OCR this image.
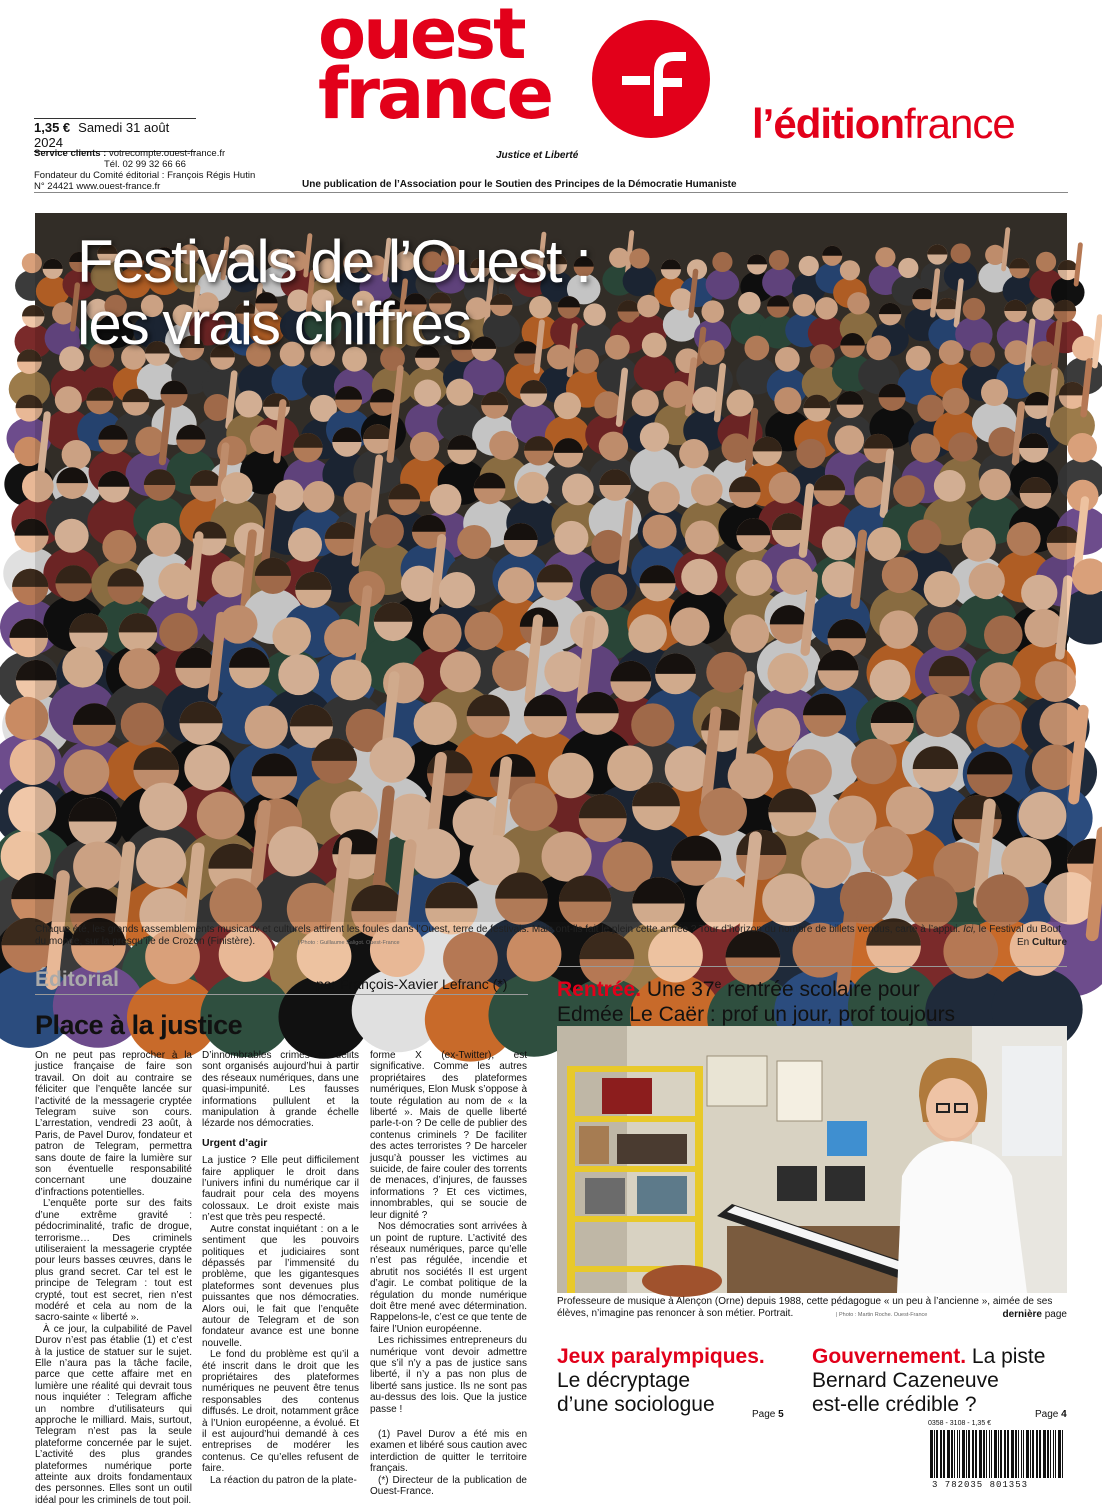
ouest
france
Justice et Liberté
l’éditionfrance
1,35 € Samedi 31 août 2024
Service clients : votrecompte.ouest-france.fr
Tél. 02 99 32 66 66
Fondateur du Comité éditorial : François Régis Hutin
N° 24421 www.ouest-france.fr	Une publication de l’Association pour le Soutien des Principes de la Démocratie Humaniste
Festivals de l’Ouest :
les vrais chiffres
Chaque été, les grands rassemblements musicaux et culturels attirent les foules dans l’Ouest, terre de festivals. Mais ont-ils fait le plein cette année ? Tour d’horizon du nombre de billets vendus, carte à l’appui. Ici, le Festival du Bout du monde, sur la presqu’île de Crozon (Finistère).	| Photo : Guillaume Saligot. Ouest-France	En Culture
Éditorial	par François-Xavier Lefranc (*)
Place à la justice

On ne peut pas reprocher à la justice française de faire son travail. On doit au contraire se féliciter que l’enquête lancée sur l’activité de la messagerie cryptée Telegram suive son cours. L’arrestation, vendredi 23 août, à Paris, de Pavel Durov, fondateur et patron de Telegram, permettra sans doute de faire la lumière sur son éventuelle responsabilité concernant une douzaine d’infractions potentielles.

L’enquête porte sur des faits d’une extrême gravité : pédocriminalité, trafic de drogue, terrorisme… Des criminels utiliseraient la messagerie cryptée pour leurs basses œuvres, dans le plus grand secret. Car tel est le principe de Telegram : tout est crypté, tout est secret, rien n’est modéré et cela au nom de la sacro-sainte « liberté ».

À ce jour, la culpabilité de Pavel Durov n’est pas établie (1) et c’est à la justice de statuer sur le sujet. Elle n’aura pas la tâche facile, parce que cette affaire met en lumière une réalité qui devrait tous nous inquiéter : Telegram affiche un nombre d’utilisateurs qui approche le milliard. Mais, surtout, Telegram n’est pas la seule plateforme concernée par le sujet. L’activité des plus grandes plateformes numérique porte atteinte aux droits fondamentaux des personnes. Elles sont un outil idéal pour les criminels de tout poil.

D’innombrables crimes et délits sont organisés aujourd’hui à partir des réseaux numériques, dans une quasi-impunité. Les fausses informations pullulent et la manipulation à grande échelle lézarde nos démocraties.

Urgent d’agir

La justice ? Elle peut difficilement faire appliquer le droit dans l’univers infini du numérique car il faudrait pour cela des moyens colossaux. Le droit existe mais n’est que très peu respecté.

Autre constat inquiétant : on a le sentiment que les pouvoirs politiques et judiciaires sont dépassés par l’immensité du problème, que les gigantesques plateformes sont devenues plus puissantes que nos démocraties. Alors oui, le fait que l’enquête autour de Telegram et de son fondateur avance est une bonne nouvelle.

Le fond du problème est qu’il a été inscrit dans le droit que les propriétaires des plateformes numériques ne peuvent être tenus responsables des contenus diffusés. Le droit, notamment grâce à l’Union européenne, a évolué. Et il est aujourd’hui demandé à ces entreprises de modérer les contenus. Ce qu’elles refusent de faire.

La réaction du patron de la plate-

forme X (ex-Twitter), est significative. Comme les autres propriétaires des plateformes numériques, Elon Musk s’oppose à toute régulation au nom de « la liberté ». Mais de quelle liberté parle-t-on ? De celle de publier des contenus criminels ? De faciliter des actes terroristes ? De harceler jusqu’à pousser les victimes au suicide, de faire couler des torrents de menaces, d’injures, de fausses informations ? Et ces victimes, innombrables, qui se soucie de leur dignité ?

Nos démocraties sont arrivées à un point de rupture. L’activité des réseaux numériques, parce qu’elle n’est pas régulée, incendie et abrutit nos sociétés Il est urgent d’agir. Le combat politique de la régulation du monde numérique doit être mené avec détermination. Rappelons-le, c’est ce que tente de faire l’Union européenne.

Les richissimes entrepreneurs du numérique vont devoir admettre que s’il n’y a pas de justice sans liberté, il n’y a pas non plus de liberté sans justice. Ils ne sont pas au-dessus des lois. Que la justice passe !

(1) Pavel Durov a été mis en examen et libéré sous caution avec interdiction de quitter le territoire français.

(*) Directeur de la publication de Ouest-France.

Rentrée. Une 37e rentrée scolaire pour
Edmée Le Caër : prof un jour, prof toujours
Professeure de musique à Alençon (Orne) depuis 1988, cette pédagogue « un peu à l’ancienne », aimée de ses élèves, n’imagine pas renoncer à son métier. Portrait.	| Photo : Martin Roche. Ouest-France	dernière page
Jeux paralympiques.
Le décryptage
d’une sociologue	Page 5
Gouvernement. La piste
Bernard Cazeneuve
est-elle crédible ?	Page 4
0358 - 3108 - 1,35 €
3 782035 801353
